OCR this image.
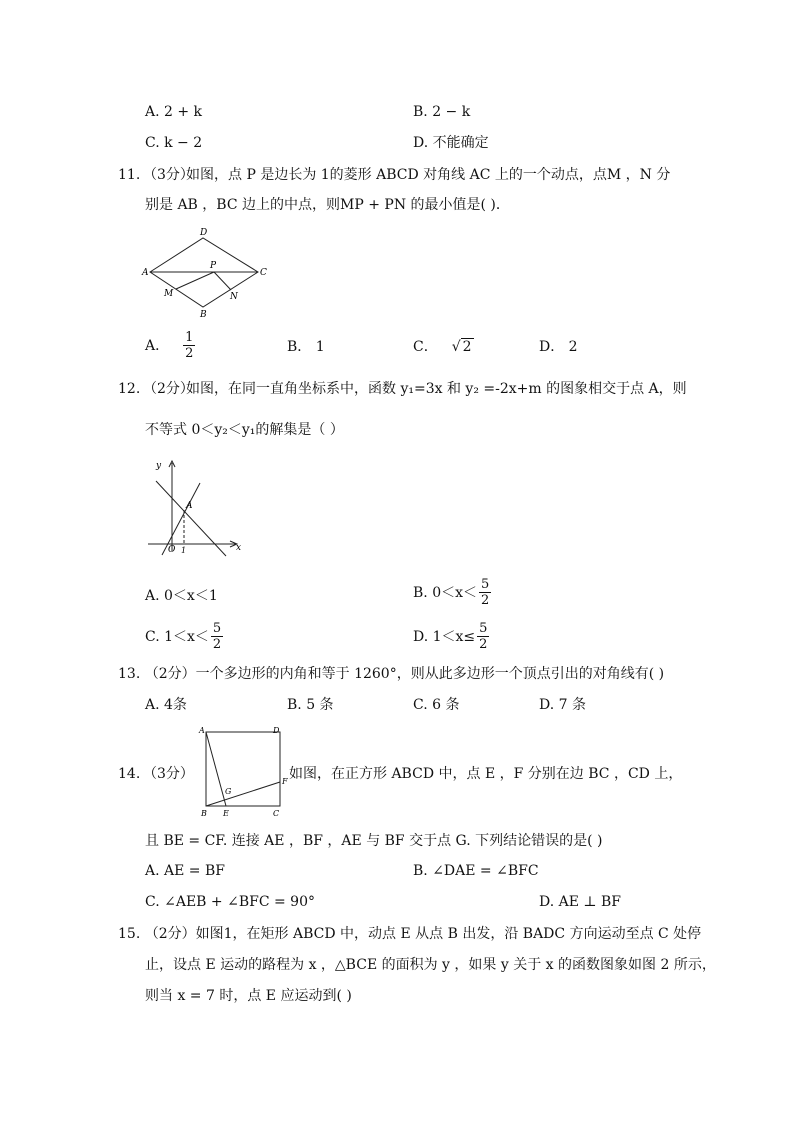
A. 2 + k	B. 2 − k
C. k − 2	D. 不能确定
11. （3分）
如图，点 P 是边长为 1的菱形 ABCD 对角线 AC 上的一个动点，点M ，N 分
别是 AB ，BC 边上的中点，则MP + PN 的最小值是( )．
D
A	C
P
M	N
B
A． $\frac{1}{2}$	B． 1	C． √ 2	D． 2
12. （2分）
如图，在同一直角坐标系中，函数 y₁=3x 和 y₂ =-2x+m 的图象相交于点 A，则
不等式 0＜y₂＜y₁的解集是（ ）
y
x
A
O 1
A. 0＜x＜1	B. $0<x< \frac{5}{2}$
C. $1<x< \frac{5}{2}$	D. $1<x\le \frac{5}{2}$
13. （2分）一个多边形的内角和等于 1260°，则从此多边形一个顶点引出的对角线有( )
A. 4条	B. 5 条	C. 6 条	D. 7 条
14. （3分）
A	D
B E	C
F
G
如图，在正方形 ABCD 中，点 E ，F 分别在边 BC ，CD 上，
且 BE = CF. 连接 AE ，BF ，AE 与 BF 交于点 G. 下列结论错误的是( )
A. AE = BF	B. ∠DAE = ∠BFC
C. ∠AEB + ∠BFC = 90°	D. AE ⊥ BF
15. （2分）如图1，在矩形 ABCD 中，动点 E 从点 B 出发，沿 BADC 方向运动至点 C 处停
止，设点 E 运动的路程为 x ，△BCE 的面积为 y ，如果 y 关于 x 的函数图象如图 2 所示，
则当 x = 7 时，点 E 应运动到( )
